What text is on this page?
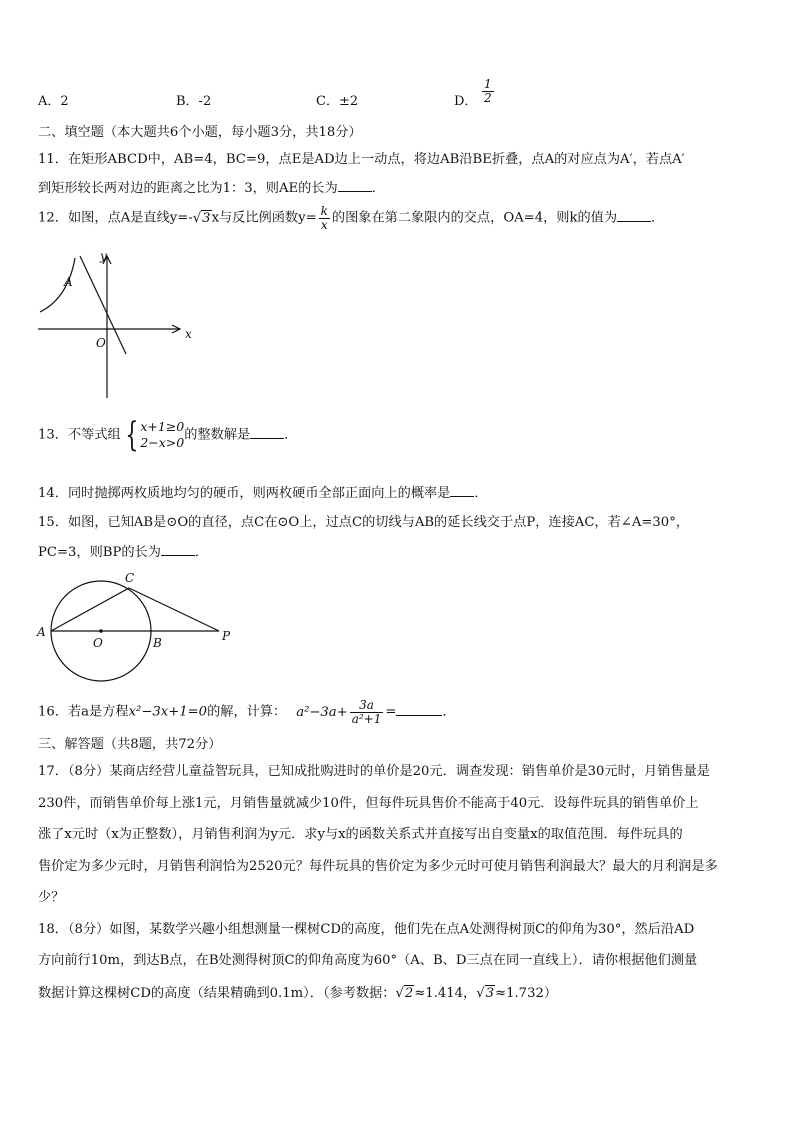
A．2	B．-2	C．±2	D． $\frac{1}{2}$
二、填空题（本大题共6个小题，每小题3分，共18分）
11．在矩形ABCD中，AB=4，BC=9，点E是AD边上一动点，将边AB沿BE折叠，点A的对应点为A′，若点A′
到矩形较长两对边的距离之比为1：3，则AE的长为	．
12．如图，点A是直线y=-√3x与反比例函数$y= \frac{k}{x}$ 的图象在第二象限内的交点，OA=4，则k的值为	．
y
A
O
x
13．不等式组 { x+1≥0
2−x>0 的整数解是	．
14．同时抛掷两枚质地均匀的硬币，则两枚硬币全部正面向上的概率是 ．
15．如图，已知AB是⊙O的直径，点C在⊙O上，过点C的切线与AB的延长线交于点P，连接AC，若∠A=30°，
PC=3，则BP的长为	．
A
O	B
C
P
16．若a是方程x²−3x+1=0的解，计算： $a^2-3a+ \frac{3a}{\text{a²+1}}$ =	．
三、解答题（共8题，共72分）
17．（8分）某商店经营儿童益智玩具，已知成批购进时的单价是20元．调查发现：销售单价是30元时，月销售量是
230件，而销售单价每上涨1元，月销售量就减少10件，但每件玩具售价不能高于40元．设每件玩具的销售单价上
涨了x元时（x为正整数），月销售利润为y元．求y与x的函数关系式并直接写出自变量x的取值范围．每件玩具的
售价定为多少元时，月销售利润恰为2520元？每件玩具的售价定为多少元时可使月销售利润最大？最大的月利润是多
少？
18．（8分）如图，某数学兴趣小组想测量一棵树CD的高度，他们先在点A处测得树顶C的仰角为30°，然后沿AD
方向前行10m，到达B点，在B处测得树顶C的仰角高度为60°（A、B、D三点在同一直线上）．请你根据他们测量
数据计算这棵树CD的高度（结果精确到0.1m）．（参考数据：√2≈1.414，√3≈1.732）
